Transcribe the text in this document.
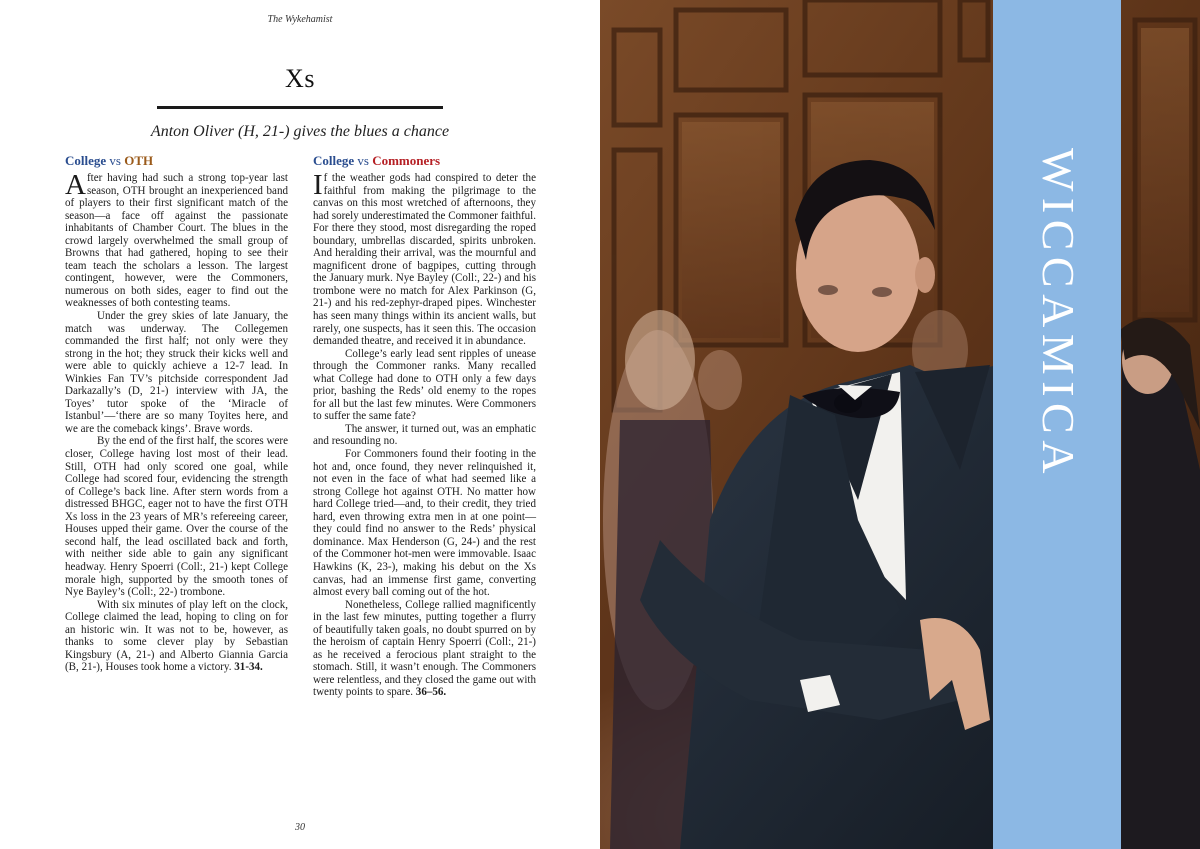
The Wykehamist
Xs
Anton Oliver (H, 21-) gives the blues a chance
College vs OTH

After having had such a strong top-year last season, OTH brought an inexperienced band of players to their first significant match of the season—a face off against the passionate inhabitants of Chamber Court. The blues in the crowd largely overwhelmed the small group of Browns that had gathered, hoping to see their team teach the scholars a lesson. The largest contingent, however, were the Commoners, numerous on both sides, eager to find out the weaknesses of both contesting teams.

Under the grey skies of late January, the match was underway. The Collegemen commanded the first half; not only were they strong in the hot; they struck their kicks well and were able to quickly achieve a 12-7 lead. In Winkies Fan TV’s pitchside correspondent Jad Darkazally’s (D, 21-) interview with JA, the Toyes’ tutor spoke of the ‘Miracle of Istanbul’—‘there are so many Toyites here, and we are the comeback kings’. Brave words.

By the end of the first half, the scores were closer, College having lost most of their lead. Still, OTH had only scored one goal, while College had scored four, evidencing the strength of College’s back line. After stern words from a distressed BHGC, eager not to have the first OTH Xs loss in the 23 years of MR’s refereeing career, Houses upped their game. Over the course of the second half, the lead oscillated back and forth, with neither side able to gain any significant headway. Henry Spoerri (Coll:, 21-) kept College morale high, supported by the smooth tones of Nye Bayley’s (Coll:, 22-) trombone.

With six minutes of play left on the clock, College claimed the lead, hoping to cling on for an historic win. It was not to be, however, as thanks to some clever play by Sebastian Kingsbury (A, 21-) and Alberto Giannia Garcia (B, 21-), Houses took home a victory. 31-34.

College vs Commoners

If the weather gods had conspired to deter the faithful from making the pilgrimage to the canvas on this most wretched of afternoons, they had sorely underestimated the Commoner faithful. For there they stood, most disregarding the roped boundary, umbrellas discarded, spirits unbroken. And heralding their arrival, was the mournful and magnificent drone of bagpipes, cutting through the January murk. Nye Bayley (Coll:, 22-) and his trombone were no match for Alex Parkinson (G, 21-) and his red-zephyr-draped pipes. Winchester has seen many things within its ancient walls, but rarely, one suspects, has it seen this. The occasion demanded theatre, and received it in abundance.

College’s early lead sent ripples of unease through the Commoner ranks. Many recalled what College had done to OTH only a few days prior, bashing the Reds’ old enemy to the ropes for all but the last few minutes. Were Commoners to suffer the same fate?

The answer, it turned out, was an emphatic and resounding no.

For Commoners found their footing in the hot and, once found, they never relinquished it, not even in the face of what had seemed like a strong College hot against OTH. No matter how hard College tried—and, to their credit, they tried hard, even throwing extra men in at one point—they could find no answer to the Reds’ physical dominance. Max Henderson (G, 24-) and the rest of the Commoner hot-men were immovable. Isaac Hawkins (K, 23-), making his debut on the Xs canvas, had an immense first game, converting almost every ball coming out of the hot.

Nonetheless, College rallied magnificently in the last few minutes, putting together a flurry of beautifully taken goals, no doubt spurred on by the heroism of captain Henry Spoerri (Coll:, 21-) as he received a ferocious plant straight to the stomach. Still, it wasn’t enough. The Commoners were relentless, and they closed the game out with twenty points to spare. 36–56.

30
WICCAMICA
